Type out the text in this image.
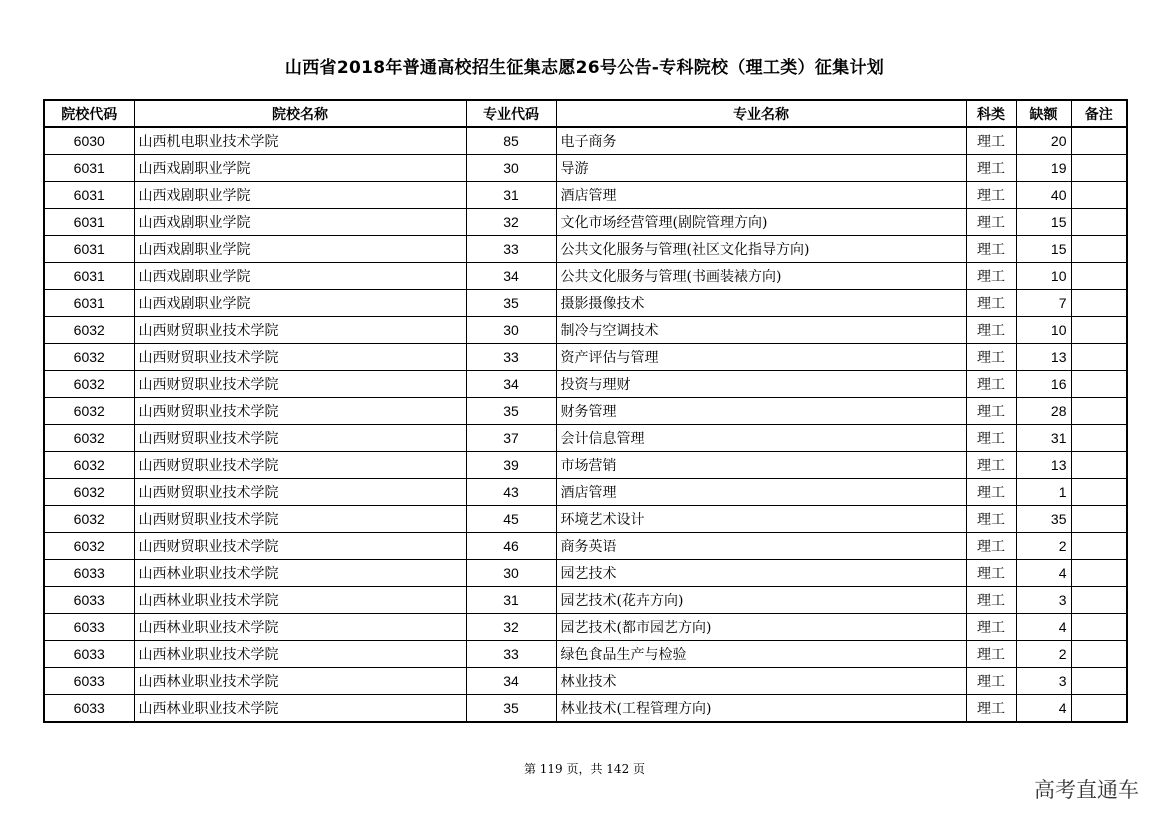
山西省2018年普通高校招生征集志愿26号公告-专科院校（理工类）征集计划
院校代码	院校名称	专业代码	专业名称	科类	缺额	备注
6030	山西机电职业技术学院	85	电子商务	理工	20	
6031	山西戏剧职业学院	30	导游	理工	19	
6031	山西戏剧职业学院	31	酒店管理	理工	40	
6031	山西戏剧职业学院	32	文化市场经营管理(剧院管理方向)	理工	15	
6031	山西戏剧职业学院	33	公共文化服务与管理(社区文化指导方向)	理工	15	
6031	山西戏剧职业学院	34	公共文化服务与管理(书画装裱方向)	理工	10	
6031	山西戏剧职业学院	35	摄影摄像技术	理工	7	
6032	山西财贸职业技术学院	30	制冷与空调技术	理工	10	
6032	山西财贸职业技术学院	33	资产评估与管理	理工	13	
6032	山西财贸职业技术学院	34	投资与理财	理工	16	
6032	山西财贸职业技术学院	35	财务管理	理工	28	
6032	山西财贸职业技术学院	37	会计信息管理	理工	31	
6032	山西财贸职业技术学院	39	市场营销	理工	13	
6032	山西财贸职业技术学院	43	酒店管理	理工	1	
6032	山西财贸职业技术学院	45	环境艺术设计	理工	35	
6032	山西财贸职业技术学院	46	商务英语	理工	2	
6033	山西林业职业技术学院	30	园艺技术	理工	4	
6033	山西林业职业技术学院	31	园艺技术(花卉方向)	理工	3	
6033	山西林业职业技术学院	32	园艺技术(都市园艺方向)	理工	4	
6033	山西林业职业技术学院	33	绿色食品生产与检验	理工	2	
6033	山西林业职业技术学院	34	林业技术	理工	3	
6033	山西林业职业技术学院	35	林业技术(工程管理方向)	理工	4	
第 119 页，共 142 页
高考直通车
